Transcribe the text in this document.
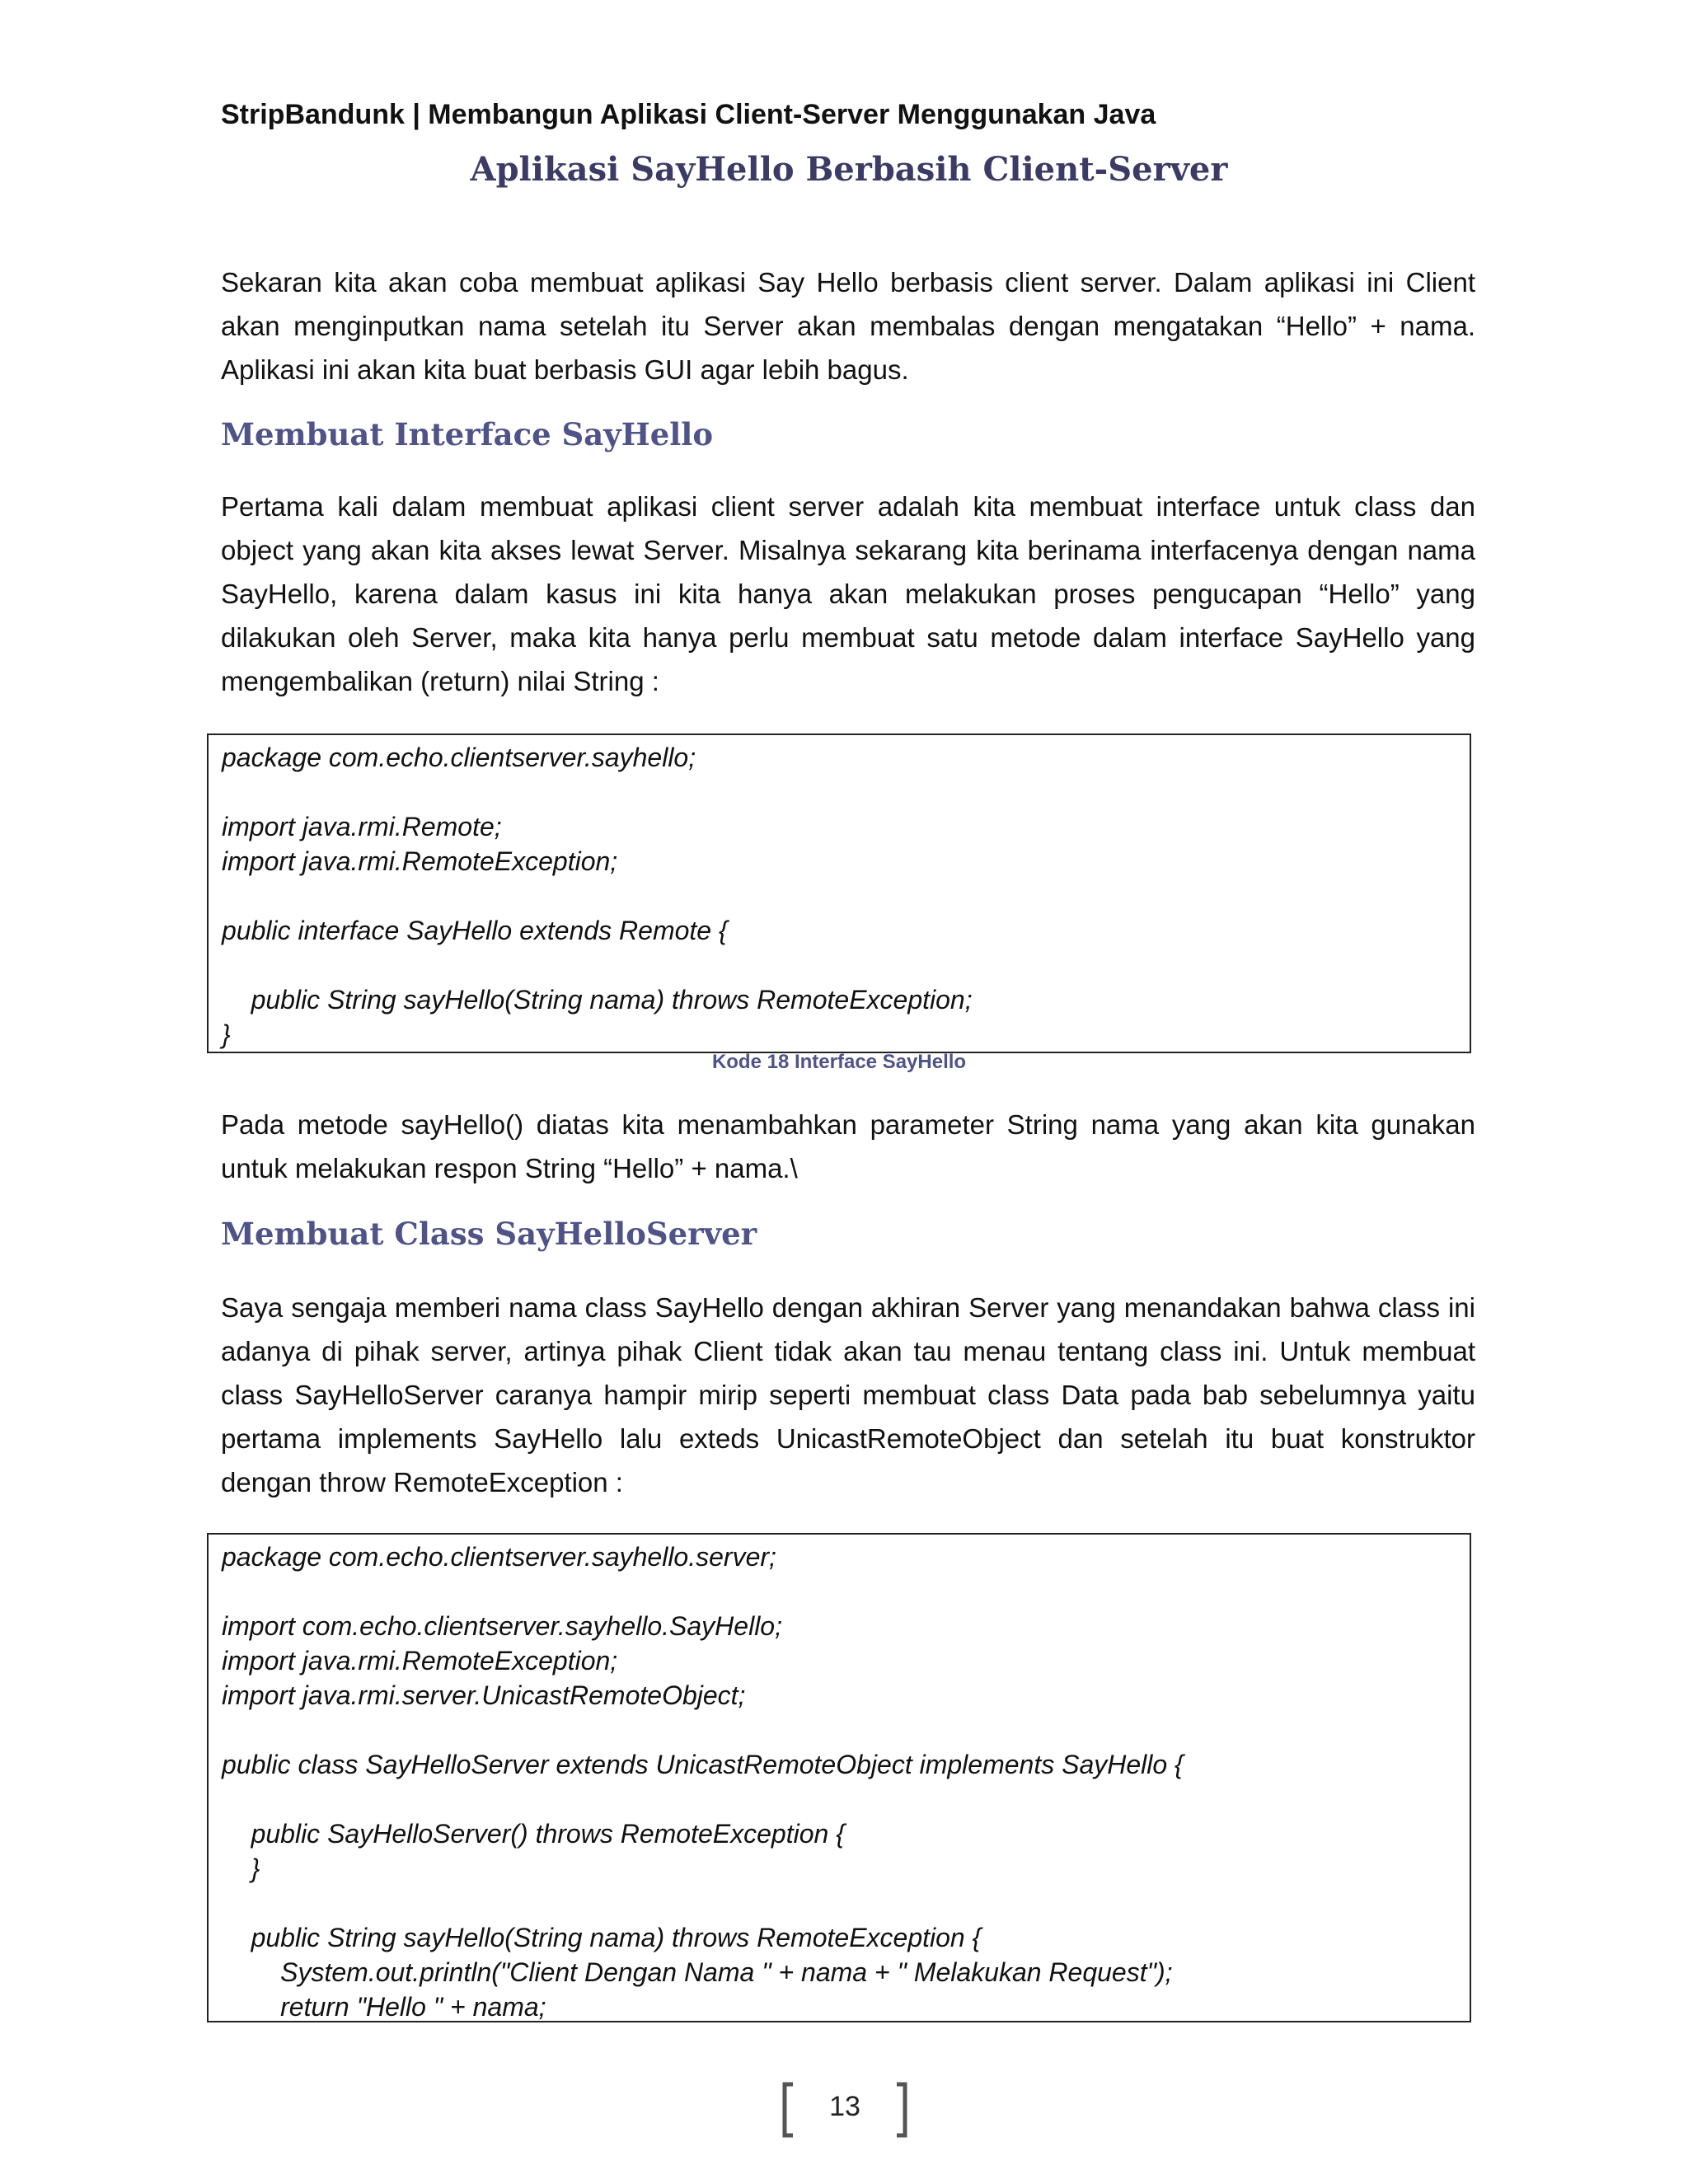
StripBandunk | Membangun Aplikasi Client-Server Menggunakan Java
Aplikasi SayHello Berbasih Client-Server

Sekaran kita akan coba membuat aplikasi Say Hello berbasis client server. Dalam aplikasi ini Client akan menginputkan nama setelah itu Server akan membalas dengan mengatakan “Hello” + nama. Aplikasi ini akan kita buat berbasis GUI agar lebih bagus.

Membuat Interface SayHello

Pertama kali dalam membuat aplikasi client server adalah kita membuat interface untuk class dan object yang akan kita akses lewat Server. Misalnya sekarang kita berinama interfacenya dengan nama SayHello, karena dalam kasus ini kita hanya akan melakukan proses pengucapan “Hello” yang dilakukan oleh Server, maka kita hanya perlu membuat satu metode dalam interface SayHello yang mengembalikan (return) nilai String :

package com.echo.clientserver.sayhello;
import java.rmi.Remote;
import java.rmi.RemoteException;
public interface SayHello extends Remote {
public String sayHello(String nama) throws RemoteException;
}
Kode 18 Interface SayHello

Pada metode sayHello() diatas kita menambahkan parameter String nama yang akan kita gunakan untuk melakukan respon String “Hello” + nama.\

Membuat Class SayHelloServer

Saya sengaja memberi nama class SayHello dengan akhiran Server yang menandakan bahwa class ini adanya di pihak server, artinya pihak Client tidak akan tau menau tentang class ini. Untuk membuat class SayHelloServer caranya hampir mirip seperti membuat class Data pada bab sebelumnya yaitu pertama implements SayHello lalu exteds UnicastRemoteObject dan setelah itu buat konstruktor dengan throw RemoteException :

package com.echo.clientserver.sayhello.server;
import com.echo.clientserver.sayhello.SayHello;
import java.rmi.RemoteException;
import java.rmi.server.UnicastRemoteObject;
public class SayHelloServer extends UnicastRemoteObject implements SayHello {
public SayHelloServer() throws RemoteException {
}
public String sayHello(String nama) throws RemoteException {
System.out.println("Client Dengan Nama " + nama + " Melakukan Request");
return "Hello " + nama;
13
